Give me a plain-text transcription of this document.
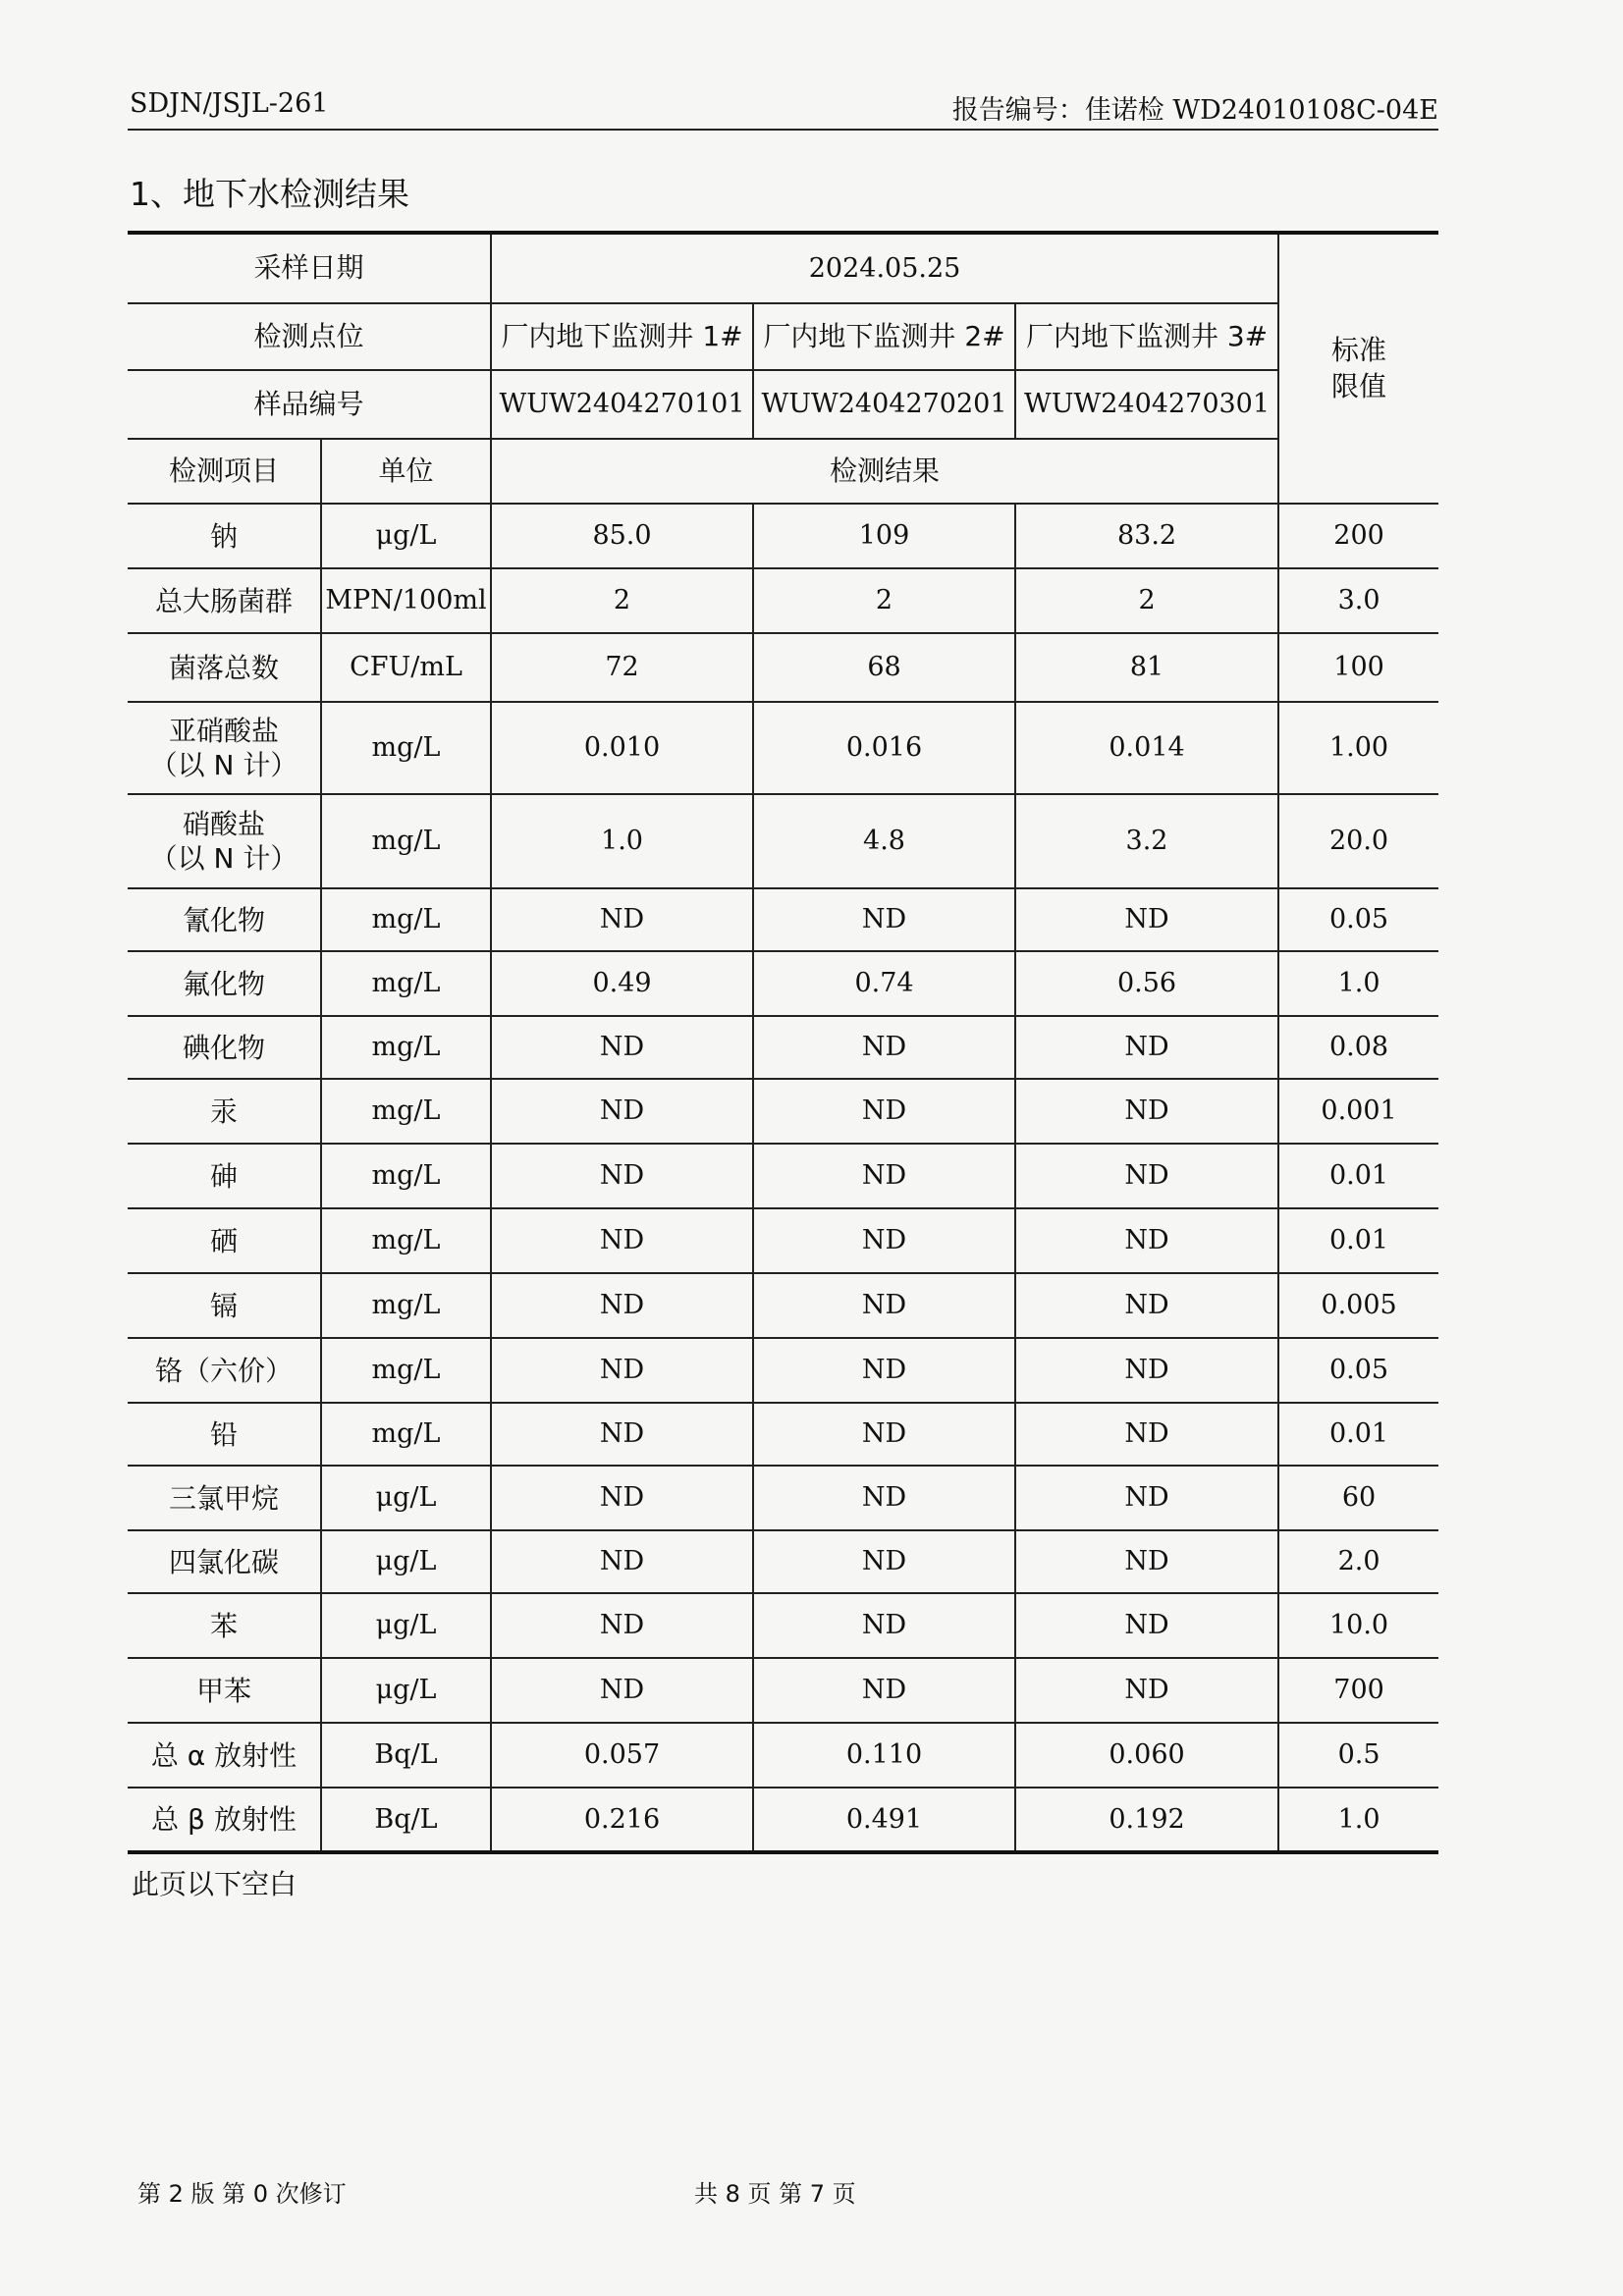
SDJN/JSJL-261	报告编号：佳诺检 WD24010108C-04E
1、地下水检测结果
采样日期		2024.05.25			标准
限值
检测点位		厂内地下监测井 1#	厂内地下监测井 2#	厂内地下监测井 3#	
样品编号		WUW2404270101	WUW2404270201	WUW2404270301	
检测项目	单位	检测结果			
钠	μg/L	85.0	109	83.2	200
总大肠菌群	MPN/100ml	2	2	2	3.0
菌落总数	CFU/mL	72	68	81	100
亚硝酸盐
（以 N 计）	mg/L	0.010	0.016	0.014	1.00
硝酸盐
（以 N 计）	mg/L	1.0	4.8	3.2	20.0
氰化物	mg/L	ND	ND	ND	0.05
氟化物	mg/L	0.49	0.74	0.56	1.0
碘化物	mg/L	ND	ND	ND	0.08
汞	mg/L	ND	ND	ND	0.001
砷	mg/L	ND	ND	ND	0.01
硒	mg/L	ND	ND	ND	0.01
镉	mg/L	ND	ND	ND	0.005
铬（六价）	mg/L	ND	ND	ND	0.05
铅	mg/L	ND	ND	ND	0.01
三氯甲烷	μg/L	ND	ND	ND	60
四氯化碳	μg/L	ND	ND	ND	2.0
苯	μg/L	ND	ND	ND	10.0
甲苯	μg/L	ND	ND	ND	700
总 α 放射性	Bq/L	0.057	0.110	0.060	0.5
总 β 放射性	Bq/L	0.216	0.491	0.192	1.0
此页以下空白
第 2 版 第 0 次修订	共 8 页 第 7 页
